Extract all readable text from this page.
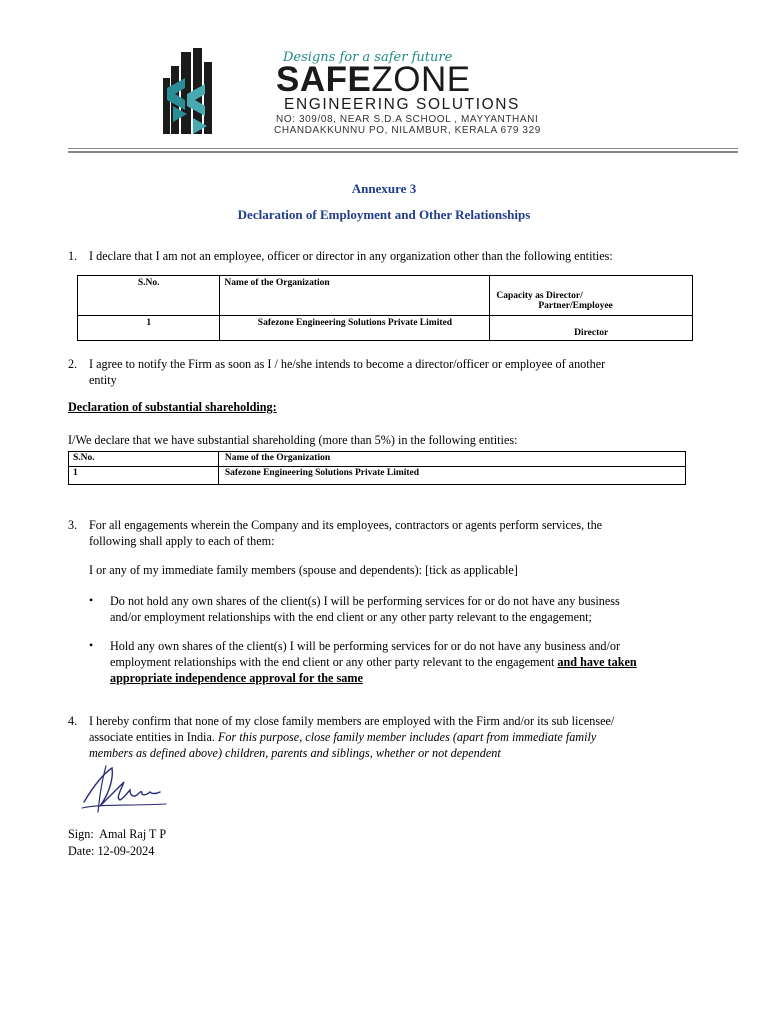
Designs for a safer future
SAFEZONE
ENGINEERING SOLUTIONS
NO: 309/08, NEAR S.D.A SCHOOL , MAYYANTHANI
CHANDAKKUNNU PO, NILAMBUR, KERALA 679 329
Annexure 3
Declaration of Employment and Other Relationships
1. I declare that I am not an employee, officer or director in any organization other than the following entities:
S.No.	Name of the Organization	Capacity as Director/
Partner/Employee

1	Safezone Engineering Solutions Private Limited	Director
2. I agree to notify the Firm as soon as I / he/she intends to become a director/officer or employee of another
entity
Declaration of substantial shareholding:
I/We declare that we have substantial shareholding (more than 5%) in the following entities:
S.No.	Name of the Organization
1	Safezone Engineering Solutions Private Limited
3. For all engagements wherein the Company and its employees, contractors or agents perform services, the
following shall apply to each of them:
I or any of my immediate family members (spouse and dependents): [tick as applicable]
• Do not hold any own shares of the client(s) I will be performing services for or do not have any business
and/or employment relationships with the end client or any other party relevant to the engagement;
• Hold any own shares of the client(s) I will be performing services for or do not have any business and/or
employment relationships with the end client or any other party relevant to the engagement and have taken
appropriate independence approval for the same
4. I hereby confirm that none of my close family members are employed with the Firm and/or its sub licensee/
associate entities in India. For this purpose, close family member includes (apart from immediate family
members as defined above) children, parents and siblings, whether or not dependent
Sign: Amal Raj T P
Date: 12-09-2024
